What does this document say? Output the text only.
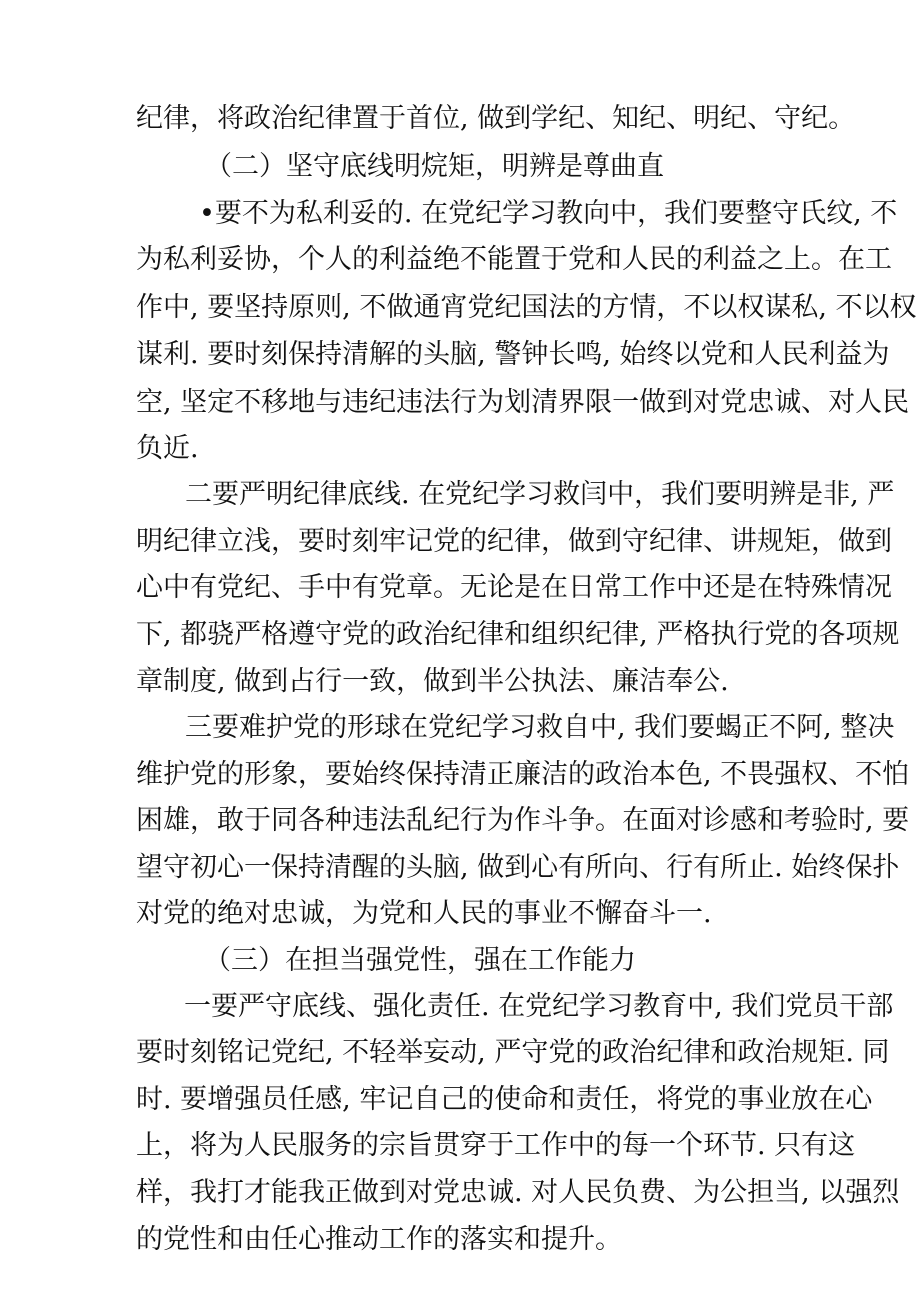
纪律，将政治纪律置于首位, 做到学纪、知纪、明纪、守纪。
（二）坚守底线明烷矩，明辨是尊曲直
•要不为私利妥的. 在党纪学习教向中，我们要整守氏纹, 不
为私利妥协，个人的利益绝不能置于党和人民的利益之上。在工
作中, 要坚持原则, 不做通宵党纪国法的方情，不以权谋私, 不以权
谋利. 要时刻保持清解的头脑, 警钟长鸣, 始终以党和人民利益为
空, 坚定不移地与违纪违法行为划清界限一做到对党忠诚、对人民
负近.
二要严明纪律底线. 在党纪学习救闫中，我们要明辨是非, 严
明纪律立浅，要时刻牢记党的纪律，做到守纪律、讲规矩，做到
心中有党纪、手中有党章。无论是在日常工作中还是在特殊情况
下, 都骁严格遵守党的政治纪律和组织纪律, 严格执行党的各项规
章制度, 做到占行一致，做到半公执法、廉洁奉公.
三要难护党的形球在党纪学习救自中, 我们要蝎正不阿, 整决
维护党的形象，要始终保持清正廉洁的政治本色, 不畏强权、不怕
困雄，敢于同各种违法乱纪行为作斗争。在面对诊感和考验时, 要
望守初心一保持清醒的头脑, 做到心有所向、行有所止. 始终保扑
对党的绝对忠诚，为党和人民的事业不懈奋斗一.
（三）在担当强党性，强在工作能力
一要严守底线、强化责任. 在党纪学习教育中, 我们党员干部
要时刻铭记党纪, 不轻举妄动, 严守党的政治纪律和政治规矩. 同
时. 要增强员任感, 牢记自己的使命和责任，将党的事业放在心
上，将为人民服务的宗旨贯穿于工作中的每一个环节. 只有这
样，我打才能我正做到对党忠诚. 对人民负费、为公担当, 以强烈
的党性和由任心推动工作的落实和提升。
